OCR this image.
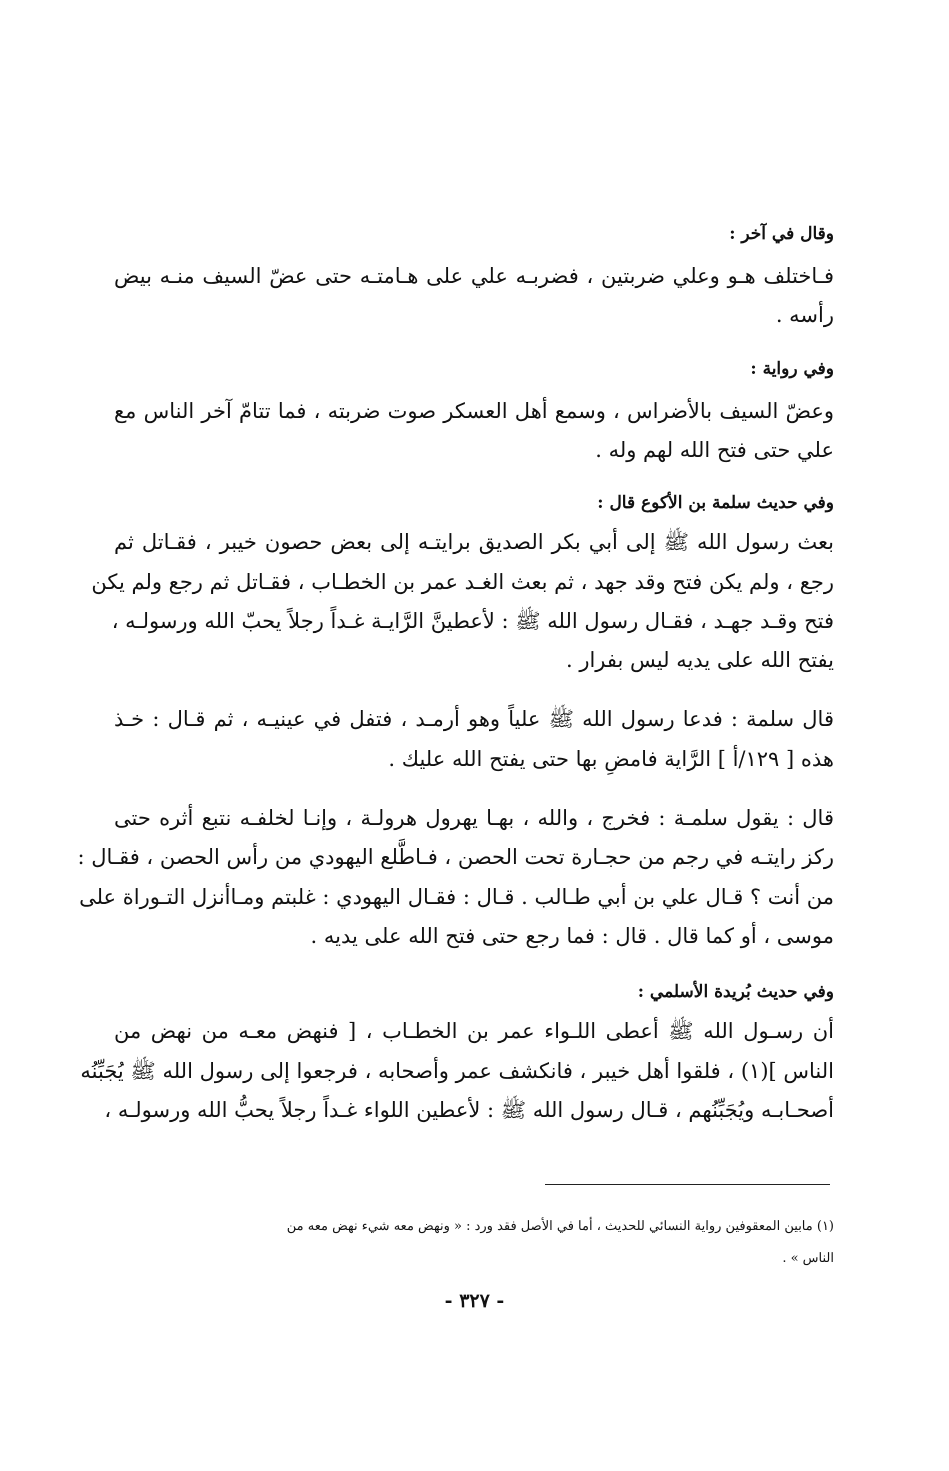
وقال في آخر :
فـاختلف هـو وعلي ضربتين ، فضربـه علي على هـامتـه حتى عضّ السيف منـه بيض
رأسه .
وفي رواية :
وعضّ السيف بالأضراس ، وسمع أهل العسكر صوت ضربته ، فما تتامّ آخر الناس مع
علي حتى فتح الله لهم وله .
وفي حديث سلمة بن الأكوع قال :
بعث رسول الله ﷺ إلى أبي بكر الصديق برايتـه إلى بعض حصون خيبر ، فقـاتل ثم
رجع ، ولم يكن فتح وقد جهد ، ثم بعث الغـد عمر بن الخطـاب ، فقـاتل ثم رجع ولم يكن
فتح وقـد جهـد ، فقـال رسول الله ﷺ : لأعطينَّ الرَّايـة غـداً رجلاً يحبّ الله ورسولـه ،
يفتح الله على يديه ليس بفرار .
قال سلمة : فدعا رسول الله ﷺ علياً وهو أرمـد ، فتفل في عينيـه ، ثم قـال : خـذ
هذه [ ١٢٩/أ ] الرَّاية فامضِ بها حتى يفتح الله عليك .
قال : يقول سلمـة : فخرج ، والله ، بهـا يهرول هرولـة ، وإنـا لخلفـه نتبع أثره حتى
ركز رايتـه في رجم من حجـارة تحت الحصن ، فـاطَّلع اليهودي من رأس الحصن ، فقـال :
من أنت ؟ قـال علي بن أبي طـالب . قـال : فقـال اليهودي : غلبتم ومـاأنزل التـوراة على
موسى ، أو كما قال . قال : فما رجع حتى فتح الله على يديه .
وفي حديث بُريدة الأسلمي :
أن رسـول الله ﷺ أعطى اللـواء عمر بن الخطـاب ، [ فنهض معـه من نهض من
الناس ](١) ، فلقوا أهل خيبر ، فانكشف عمر وأصحابه ، فرجعوا إلى رسول الله ﷺ يُجَبِّنُه
أصحـابـه ويُجَبِّنُهم ، قـال رسول الله ﷺ : لأعطين اللواء غـداً رجلاً يحبُّ الله ورسولـه ،
(١) مابين المعقوفين رواية النسائي للحديث ، أما في الأصل فقد ورد : « ونهض معه شيء نهض معه من
الناس » .
- ٣٢٧ -
